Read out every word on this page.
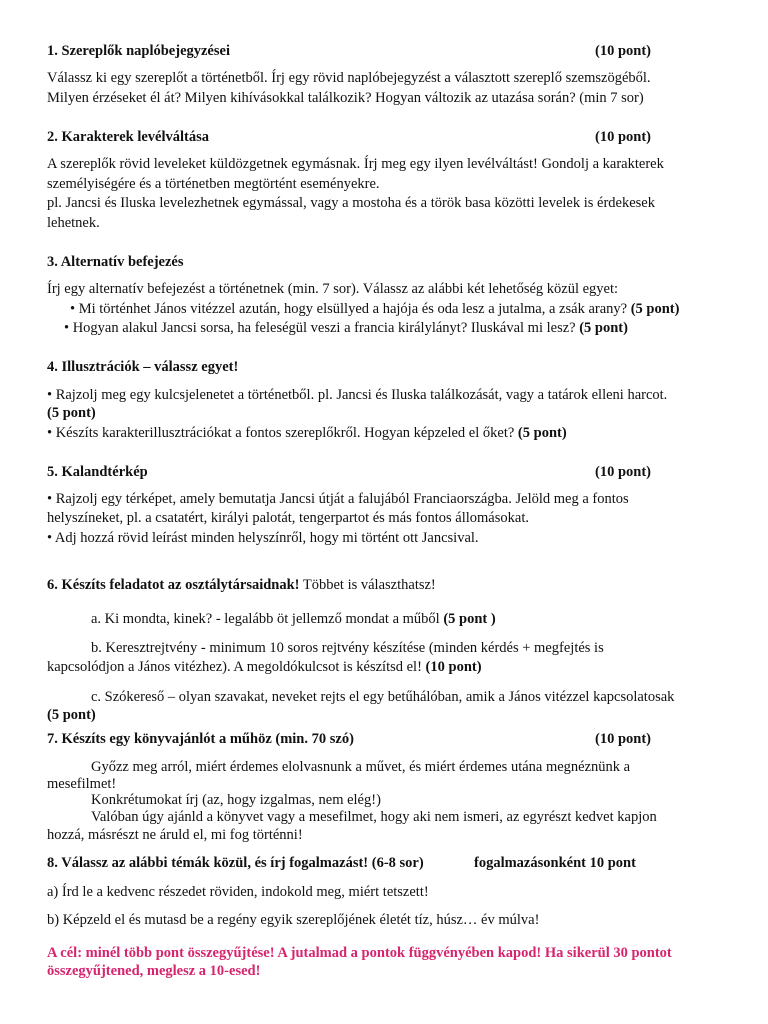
1. Szereplők naplóbejegyzései	(10 pont)

Válassz ki egy szereplőt a történetből. Írj egy rövid naplóbejegyzést a választott szereplő szemszögéből.

Milyen érzéseket él át? Milyen kihívásokkal találkozik? Hogyan változik az utazása során? (min 7 sor)

2. Karakterek levélváltása	(10 pont)

A szereplők rövid leveleket küldözgetnek egymásnak. Írj meg egy ilyen levélváltást! Gondolj a karakterek

személyiségére és a történetben megtörtént eseményekre.

pl. Jancsi és Iluska levelezhetnek egymással, vagy a mostoha és a török basa közötti levelek is érdekesek

lehetnek.

3. Alternatív befejezés

Írj egy alternatív befejezést a történetnek (min. 7 sor). Válassz az alábbi két lehetőség közül egyet:

• Mi történhet János vitézzel azután, hogy elsüllyed a hajója és oda lesz a jutalma, a zsák arany? (5 pont)

• Hogyan alakul Jancsi sorsa, ha feleségül veszi a francia királylányt? Iluskával mi lesz? (5 pont)

4. Illusztrációk – válassz egyet!

• Rajzolj meg egy kulcsjelenetet a történetből. pl. Jancsi és Iluska találkozását, vagy a tatárok elleni harcot.

(5 pont)

• Készíts karakterillusztrációkat a fontos szereplőkről. Hogyan képzeled el őket? (5 pont)

5. Kalandtérkép	(10 pont)

• Rajzolj egy térképet, amely bemutatja Jancsi útját a falujából Franciaországba. Jelöld meg a fontos

helyszíneket, pl. a csatatért, királyi palotát, tengerpartot és más fontos állomásokat.

• Adj hozzá rövid leírást minden helyszínről, hogy mi történt ott Jancsival.

6. Készíts feladatot az osztálytársaidnak! Többet is választhatsz!

a. Ki mondta, kinek? - legalább öt jellemző mondat a műből (5 pont )

b. Keresztrejtvény - minimum 10 soros rejtvény készítése (minden kérdés + megfejtés is

kapcsolódjon a János vitézhez). A megoldókulcsot is készítsd el! (10 pont)

c. Szókereső – olyan szavakat, neveket rejts el egy betűhálóban, amik a János vitézzel kapcsolatosak

(5 pont)

7. Készíts egy könyvajánlót a műhöz (min. 70 szó)	(10 pont)

Győzz meg arról, miért érdemes elolvasnunk a művet, és miért érdemes utána megnéznünk a

mesefilmet!

Konkrétumokat írj (az, hogy izgalmas, nem elég!)

Valóban úgy ajánld a könyvet vagy a mesefilmet, hogy aki nem ismeri, az egyrészt kedvet kapjon

hozzá, másrészt ne áruld el, mi fog történni!

8. Válassz az alábbi témák közül, és írj fogalmazást! (6-8 sor)	fogalmazásonként 10 pont

a) Írd le a kedvenc részedet röviden, indokold meg, miért tetszett!

b) Képzeld el és mutasd be a regény egyik szereplőjének életét tíz, húsz… év múlva!

A cél: minél több pont összegyűjtése! A jutalmad a pontok függvényében kapod! Ha sikerül 30 pontot

összegyűjtened, meglesz a 10-esed!
